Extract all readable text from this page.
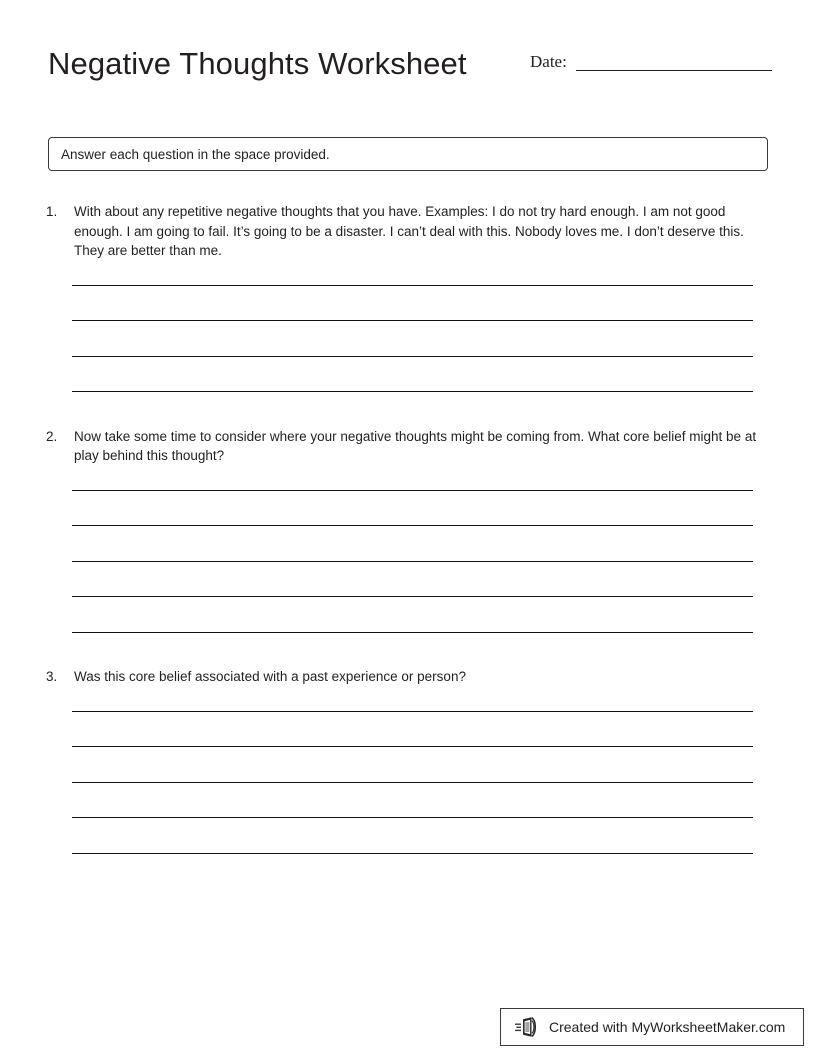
Negative Thoughts Worksheet	Date:
Answer each question in the space provided.
1.	With about any repetitive negative thoughts that you have. Examples: I do not try hard enough. I am not good enough. I am going to fail. It’s going to be a disaster. I can’t deal with this. Nobody loves me. I don’t deserve this. They are better than me.
2.	Now take some time to consider where your negative thoughts might be coming from. What core belief might be at play behind this thought?
3.	Was this core belief associated with a past experience or person?
Created with MyWorksheetMaker.com
